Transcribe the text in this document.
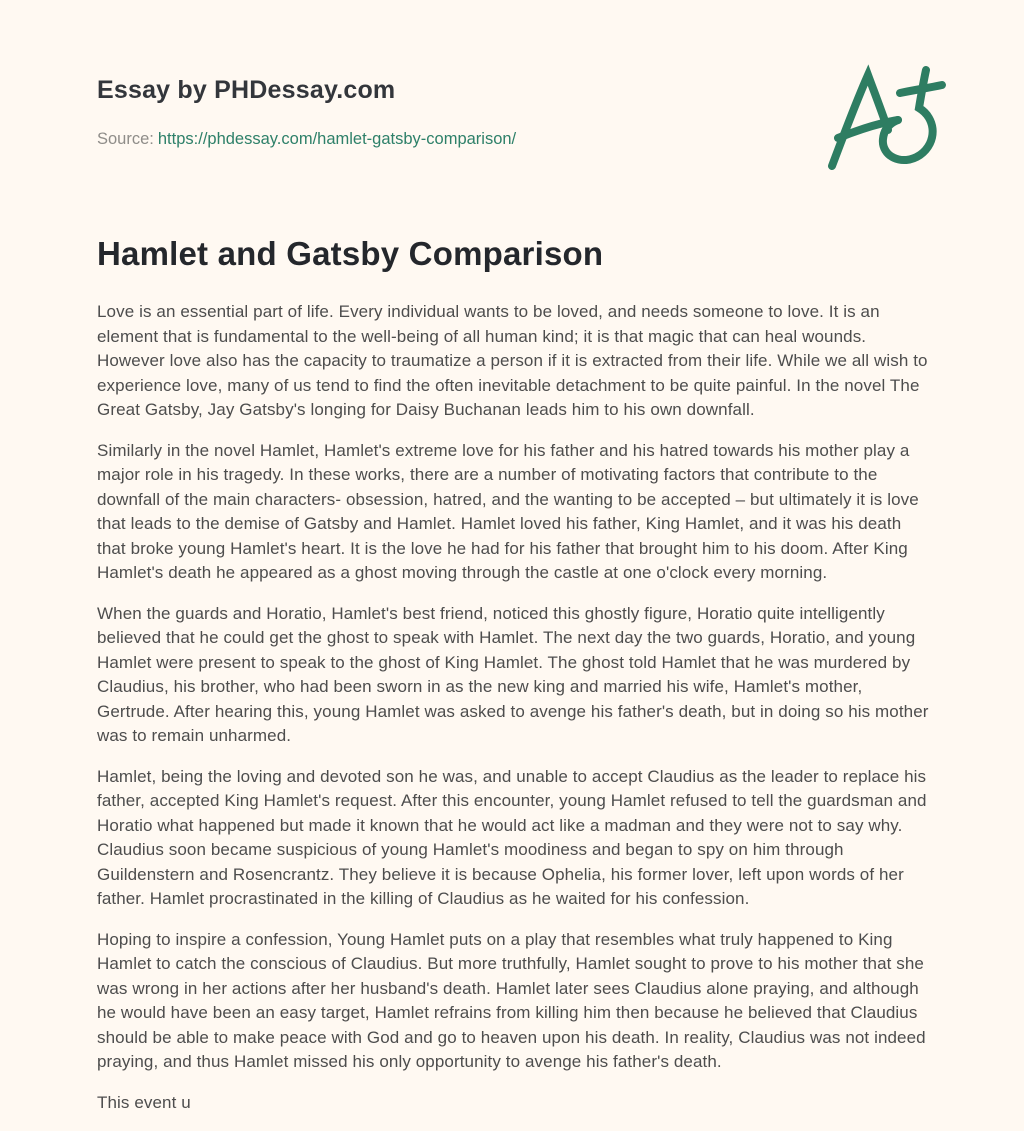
Essay by PHDessay.com
Source: https://phdessay.com/hamlet-gatsby-comparison/
Hamlet and Gatsby Comparison

Love is an essential part of life. Every individual wants to be loved, and needs someone to love. It is an element that is fundamental to the well-being of all human kind; it is that magic that can heal wounds. However love also has the capacity to traumatize a person if it is extracted from their life. While we all wish to experience love, many of us tend to find the often inevitable detachment to be quite painful. In the novel The Great Gatsby, Jay Gatsby's longing for Daisy Buchanan leads him to his own downfall.

Similarly in the novel Hamlet, Hamlet's extreme love for his father and his hatred towards his mother play a major role in his tragedy. In these works, there are a number of motivating factors that contribute to the downfall of the main characters- obsession, hatred, and the wanting to be accepted – but ultimately it is love that leads to the demise of Gatsby and Hamlet. Hamlet loved his father, King Hamlet, and it was his death that broke young Hamlet's heart. It is the love he had for his father that brought him to his doom. After King Hamlet's death he appeared as a ghost moving through the castle at one o'clock every morning.

When the guards and Horatio, Hamlet's best friend, noticed this ghostly figure, Horatio quite intelligently believed that he could get the ghost to speak with Hamlet. The next day the two guards, Horatio, and young Hamlet were present to speak to the ghost of King Hamlet. The ghost told Hamlet that he was murdered by Claudius, his brother, who had been sworn in as the new king and married his wife, Hamlet's mother, Gertrude. After hearing this, young Hamlet was asked to avenge his father's death, but in doing so his mother was to remain unharmed.

Hamlet, being the loving and devoted son he was, and unable to accept Claudius as the leader to replace his father, accepted King Hamlet's request. After this encounter, young Hamlet refused to tell the guardsman and Horatio what happened but made it known that he would act like a madman and they were not to say why. Claudius soon became suspicious of young Hamlet's moodiness and began to spy on him through Guildenstern and Rosencrantz. They believe it is because Ophelia, his former lover, left upon words of her father. Hamlet procrastinated in the killing of Claudius as he waited for his confession.

Hoping to inspire a confession, Young Hamlet puts on a play that resembles what truly happened to King Hamlet to catch the conscious of Claudius. But more truthfully, Hamlet sought to prove to his mother that she was wrong in her actions after her husband's death. Hamlet later sees Claudius alone praying, and although he would have been an easy target, Hamlet refrains from killing him then because he believed that Claudius should be able to make peace with God and go to heaven upon his death. In reality, Claudius was not indeed praying, and thus Hamlet missed his only opportunity to avenge his father's death.

This event u
